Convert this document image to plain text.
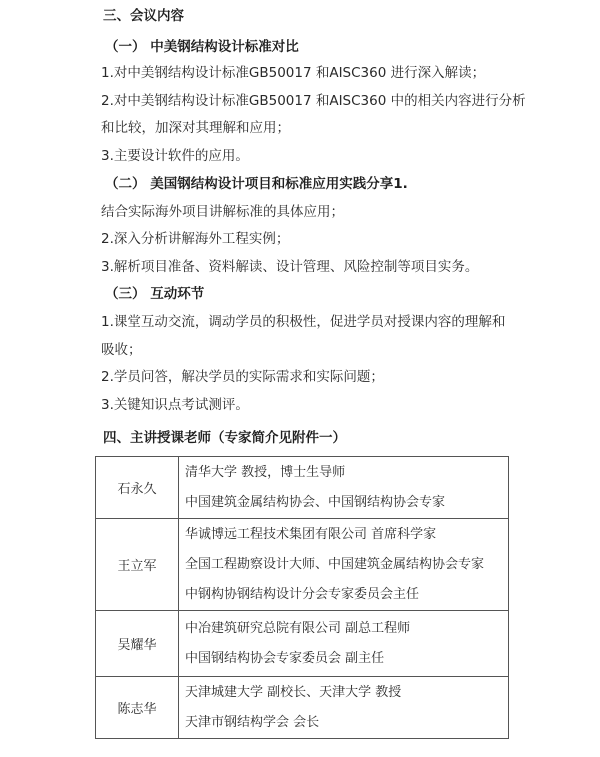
三、会议内容
（一） 中美钢结构设计标准对比
1.对中美钢结构设计标准GB50017 和AISC360 进行深入解读；
2.对中美钢结构设计标准GB50017 和AISC360 中的相关内容进行分析
和比较，加深对其理解和应用；
3.主要设计软件的应用。
（二） 美国钢结构设计项目和标准应用实践分享1.
结合实际海外项目讲解标准的具体应用；
2.深入分析讲解海外工程实例；
3.解析项目准备、资料解读、设计管理、风险控制等项目实务。
（三） 互动环节
1.课堂互动交流，调动学员的积极性，促进学员对授课内容的理解和
吸收；
2.学员问答，解决学员的实际需求和实际问题；
3.关键知识点考试测评。
四、主讲授课老师（专家简介见附件一）
石永久	清华大学 教授，博士生导师
中国建筑金属结构协会、中国钢结构协会专家

王立军	华诚博远工程技术集团有限公司 首席科学家
全国工程勘察设计大师、中国建筑金属结构协会专家
中钢构协钢结构设计分会专家委员会主任

吴耀华	中冶建筑研究总院有限公司 副总工程师
中国钢结构协会专家委员会 副主任

陈志华	天津城建大学 副校长、天津大学 教授
天津市钢结构学会 会长
